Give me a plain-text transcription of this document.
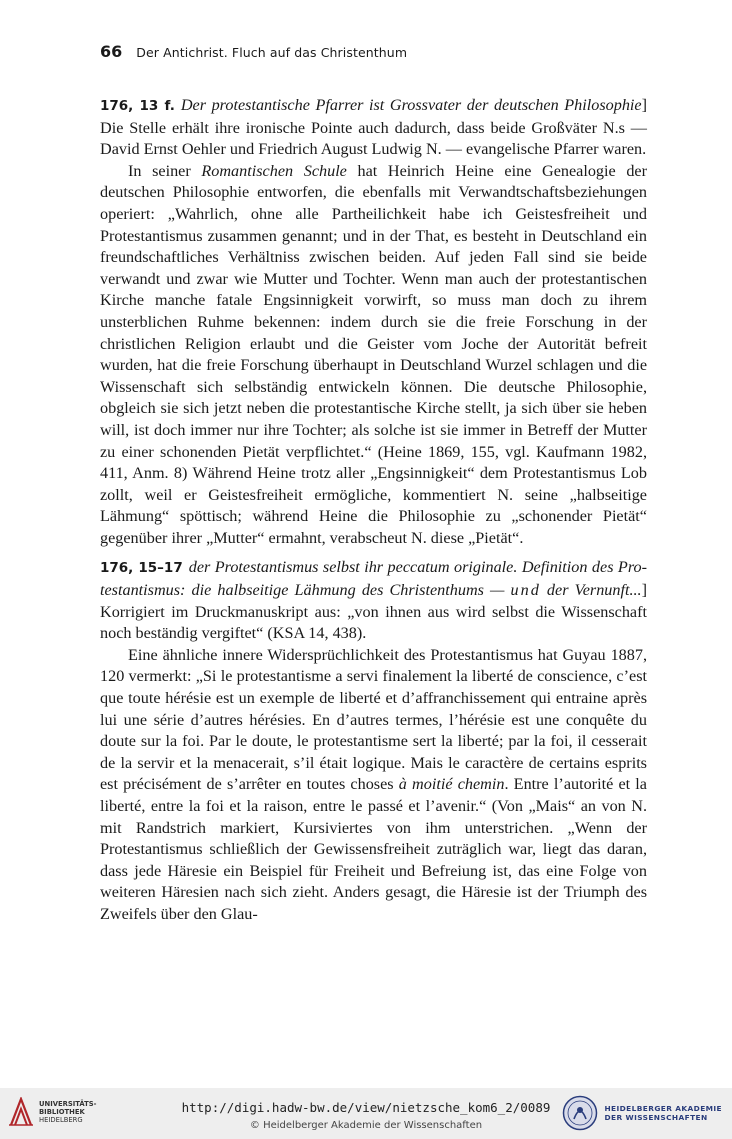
66 Der Antichrist. Fluch auf das Christenthum

176, 13 f. Der protestantische Pfarrer ist Grossvater der deutschen Philosophie] Die Stelle erhält ihre ironische Pointe auch dadurch, dass beide Großväter N.s — David Ernst Oehler und Friedrich August Ludwig N. — evangelische Pfarrer waren.

In seiner Romantischen Schule hat Heinrich Heine eine Genealogie der deutschen Philosophie entworfen, die ebenfalls mit Verwandtschaftsbeziehungen operiert: „Wahrlich, ohne alle Partheilichkeit habe ich Geistesfreiheit und Protestantismus zusammen genannt; und in der That, es besteht in Deutschland ein freundschaftliches Verhältniss zwischen beiden. Auf jeden Fall sind sie beide verwandt und zwar wie Mutter und Tochter. Wenn man auch der protestantischen Kirche manche fatale Engsinnigkeit vorwirft, so muss man doch zu ihrem unsterblichen Ruhme bekennen: indem durch sie die freie Forschung in der christlichen Religion erlaubt und die Geister vom Joche der Autorität befreit wurden, hat die freie Forschung überhaupt in Deutschland Wurzel schlagen und die Wissenschaft sich selbständig entwickeln können. Die deutsche Philosophie, obgleich sie sich jetzt neben die protestantische Kirche stellt, ja sich über sie heben will, ist doch immer nur ihre Tochter; als solche ist sie immer in Betreff der Mutter zu einer schonenden Pietät verpflichtet.“ (Heine 1869, 155, vgl. Kaufmann 1982, 411, Anm. 8) Während Heine trotz aller „Engsinnigkeit“ dem Protestantismus Lob zollt, weil er Geistesfreiheit ermögliche, kommentiert N. seine „halbseitige Lähmung“ spöttisch; während Heine die Philosophie zu „schonender Pietät“ gegenüber ihrer „Mutter“ ermahnt, verabscheut N. diese „Pietät“.

176, 15–17 der Protestantismus selbst ihr peccatum originale. Definition des Protestantismus: die halbseitige Lähmung des Christenthums — und der Vernunft...] Korrigiert im Druckmanuskript aus: „von ihnen aus wird selbst die Wissenschaft noch beständig vergiftet“ (KSA 14, 438).

Eine ähnliche innere Widersprüchlichkeit des Protestantismus hat Guyau 1887, 120 vermerkt: „Si le protestantisme a servi finalement la liberté de conscience, c’est que toute hérésie est un exemple de liberté et d’affranchissement qui entraine après lui une série d’autres hérésies. En d’autres termes, l’hérésie est une conquête du doute sur la foi. Par le doute, le protestantisme sert la liberté; par la foi, il cesserait de la servir et la menacerait, s’il était logique. Mais le caractère de certains esprits est précisément de s’arrêter en toutes choses à moitié chemin. Entre l’autorité et la liberté, entre la foi et la raison, entre le passé et l’avenir.“ (Von „Mais“ an von N. mit Randstrich markiert, Kursiviertes von ihm unterstrichen. „Wenn der Protestantismus schließlich der Gewissensfreiheit zuträglich war, liegt das daran, dass jede Häresie ein Beispiel für Freiheit und Befreiung ist, das eine Folge von weiteren Häresien nach sich zieht. Anders gesagt, die Häresie ist der Triumph des Zweifels über den Glau-

UNIVERSITÄTS-
BIBLIOTHEK
HEIDELBERG
http://digi.hadw-bw.de/view/nietzsche_kom6_2/0089
© Heidelberger Akademie der Wissenschaften
HEIDELBERGER AKADEMIE
DER WISSENSCHAFTEN
